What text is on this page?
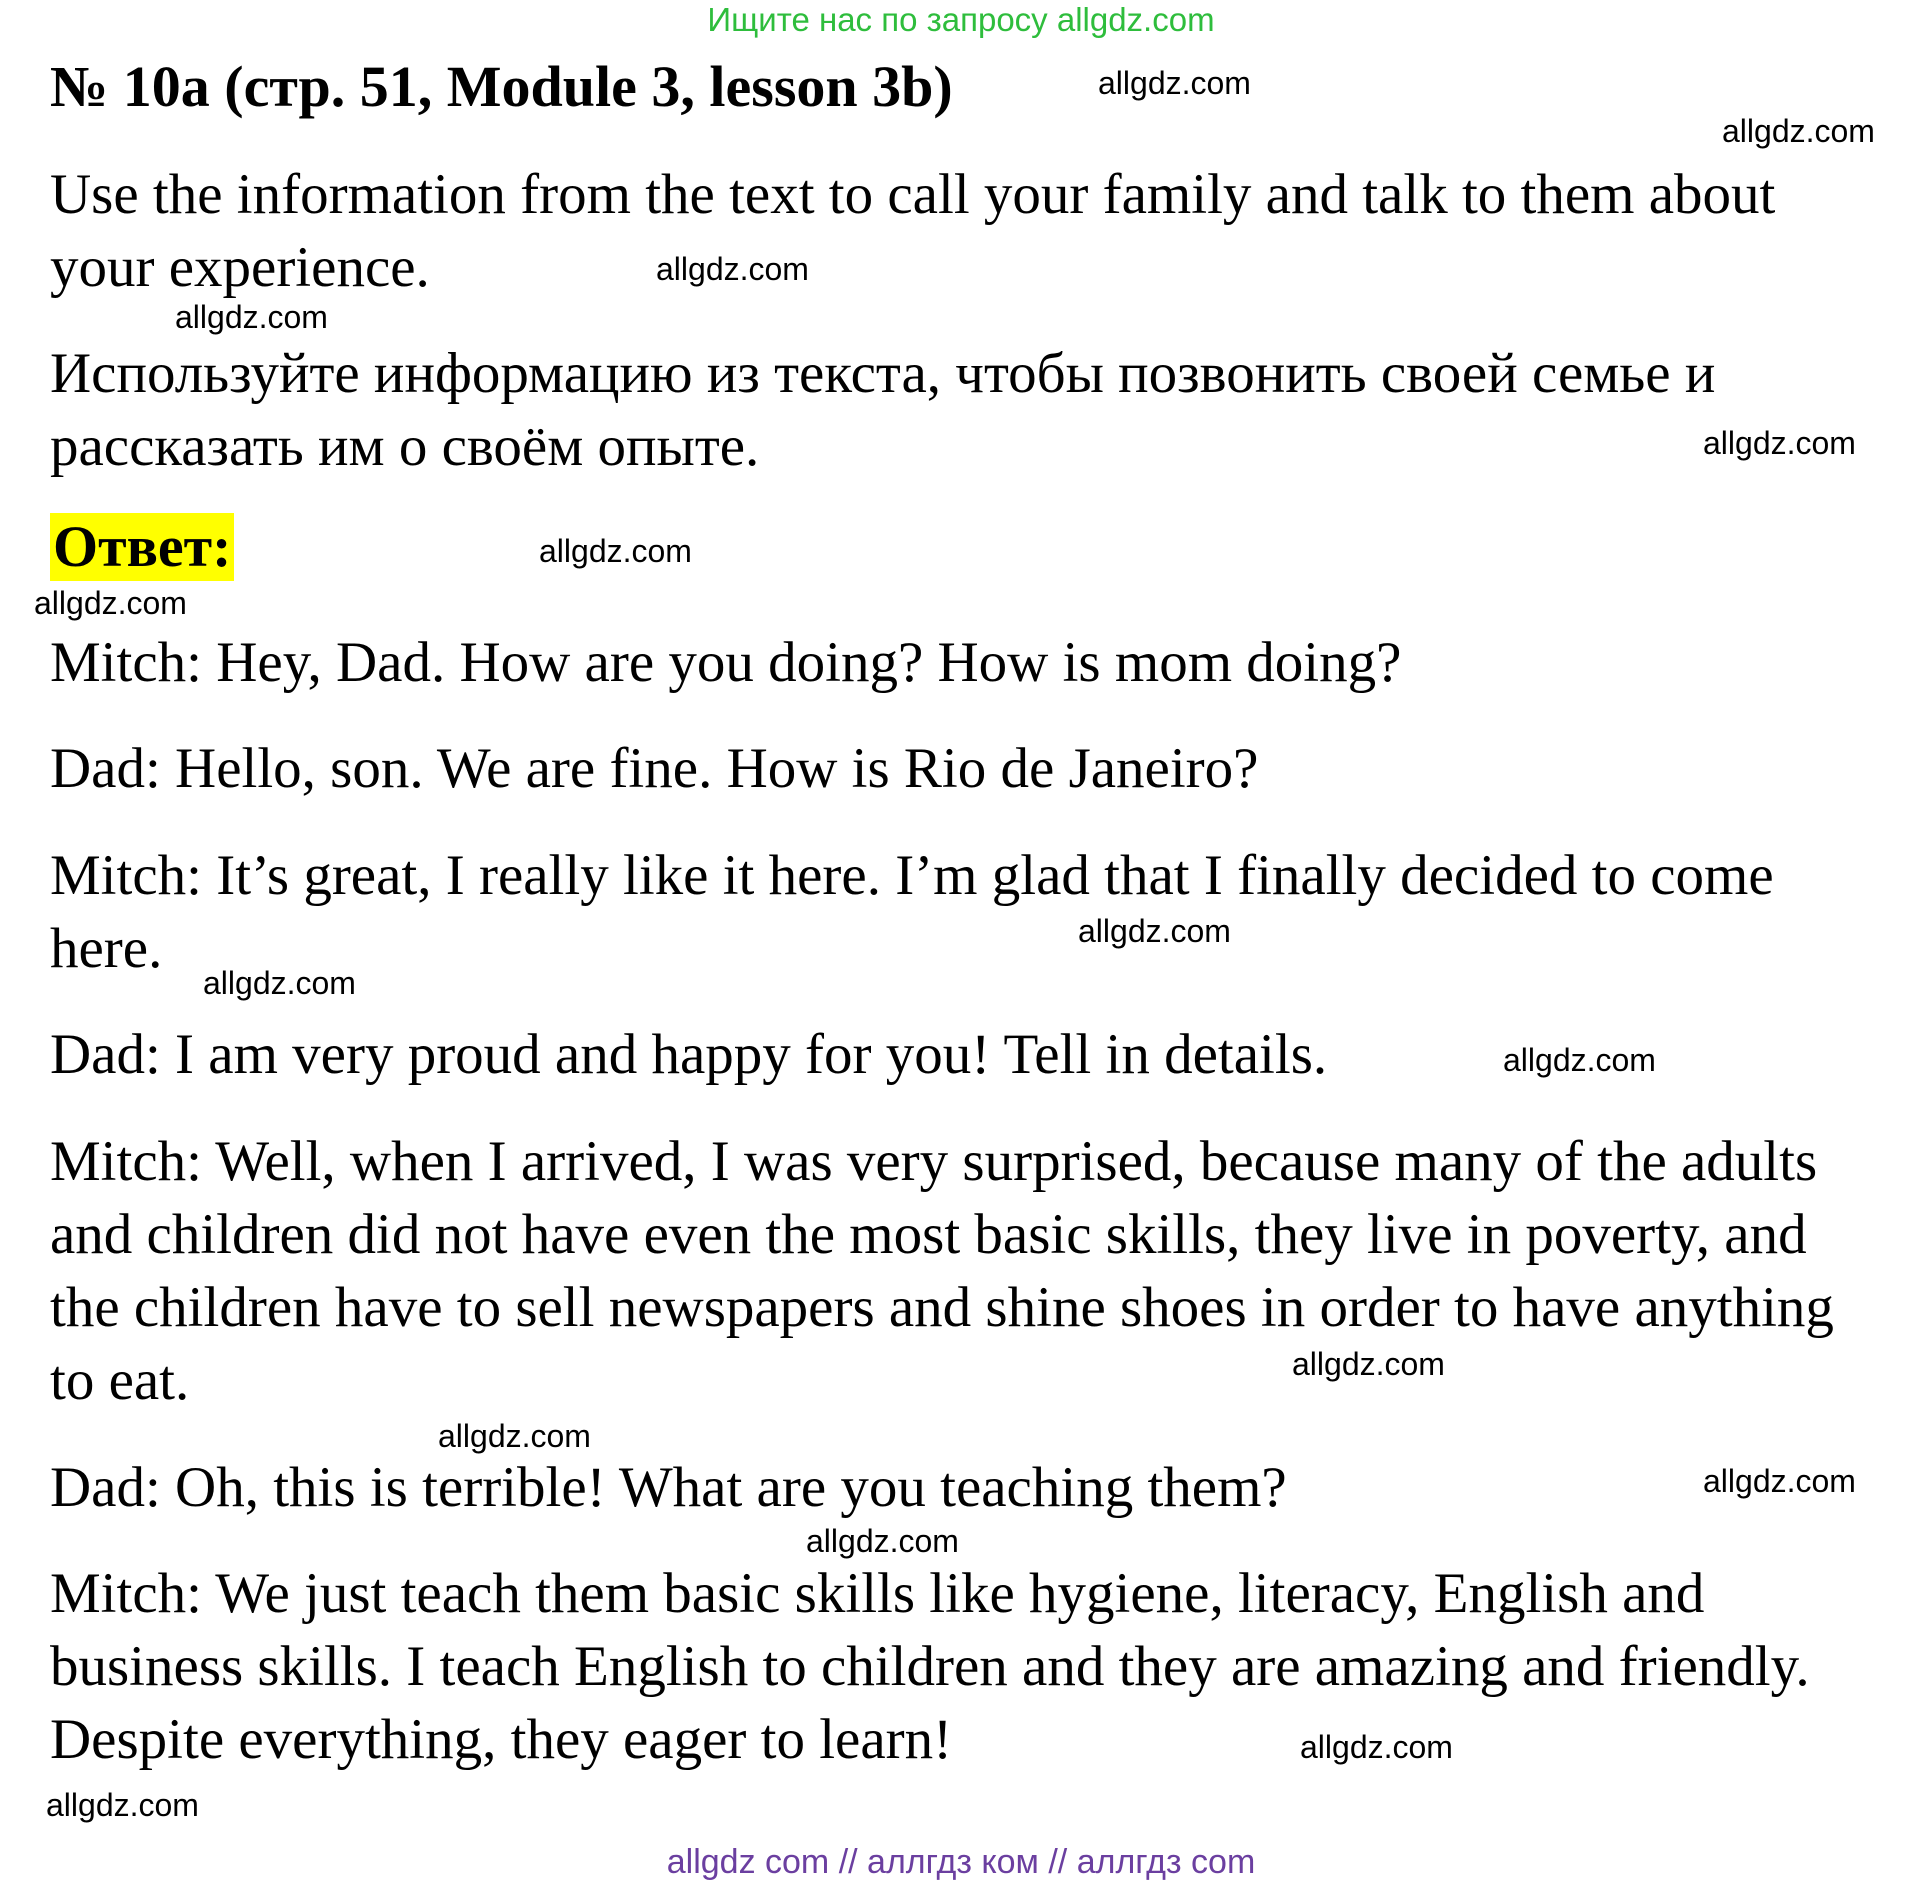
Ищите нас по запросу allgdz.com
№ 10a (стр. 51, Module 3, lesson 3b)

Use the information from the text to call your family and talk to them about your experience.

Используйте информацию из текста, чтобы позвонить своей семье и рассказать им о своём опыте.

Ответ:

Mitch: Hey, Dad. How are you doing? How is mom doing?

Dad: Hello, son. We are fine. How is Rio de Janeiro?

Mitch: It’s great, I really like it here. I’m glad that I finally decided to come here.

Dad: I am very proud and happy for you! Tell in details.

Mitch: Well, when I arrived, I was very surprised, because many of the adults and children did not have even the most basic skills, they live in poverty, and the children have to sell newspapers and shine shoes in order to have anything to eat.

Dad: Oh, this is terrible! What are you teaching them?

Mitch: We just teach them basic skills like hygiene, literacy, English and business skills. I teach English to children and they are amazing and friendly. Despite everything, they eager to learn!

allgdz.com
allgdz.com
allgdz.com
allgdz.com
allgdz.com
allgdz.com
allgdz.com
allgdz.com
allgdz.com
allgdz.com
allgdz.com
allgdz.com
allgdz.com
allgdz.com
allgdz.com
allgdz.com
allgdz com // аллгдз ком // аллгдз com
